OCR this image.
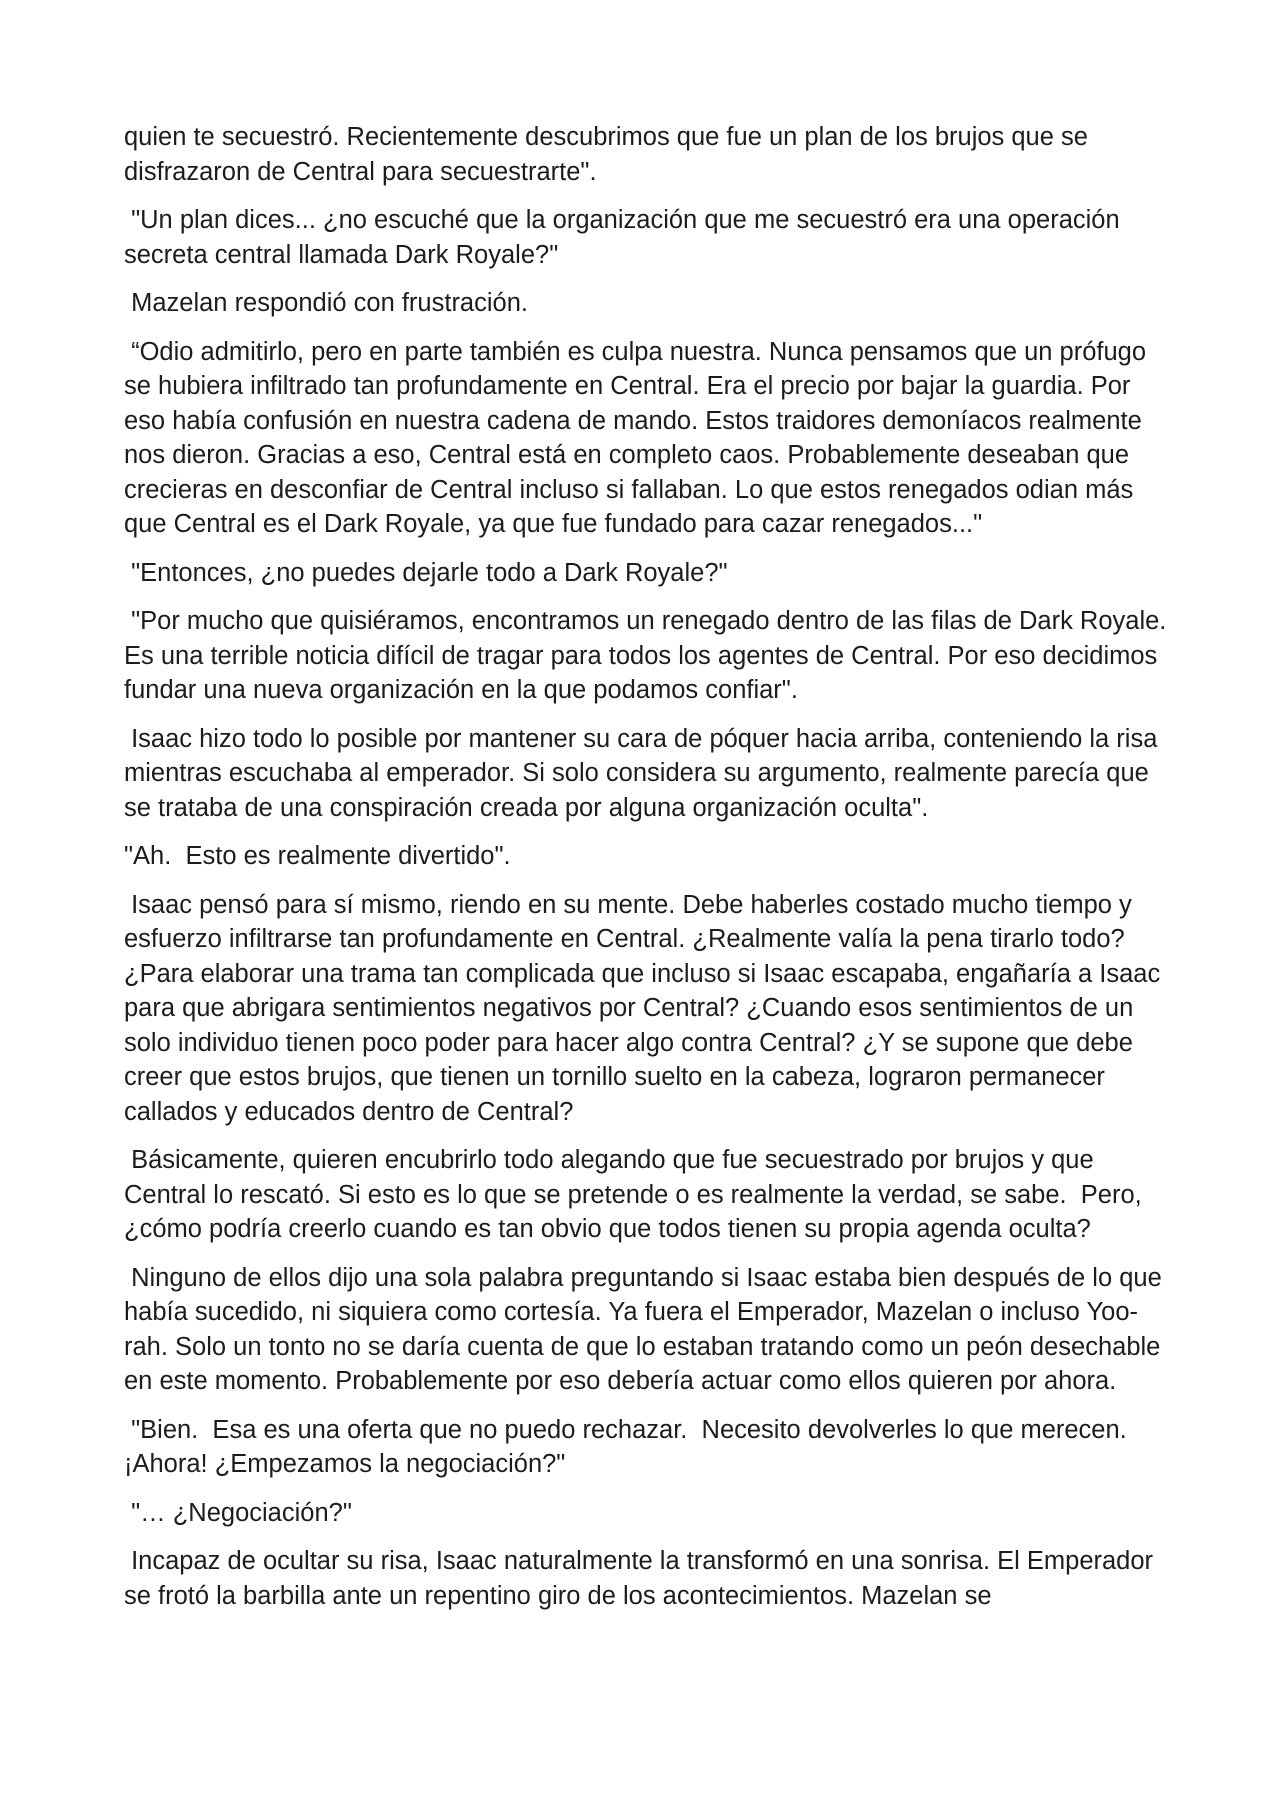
quien te secuestró. Recientemente descubrimos que fue un plan de los brujos que se disfrazaron de Central para secuestrarte".

"Un plan dices... ¿no escuché que la organización que me secuestró era una operación secreta central llamada Dark Royale?"

Mazelan respondió con frustración.

“Odio admitirlo, pero en parte también es culpa nuestra. Nunca pensamos que un prófugo se hubiera infiltrado tan profundamente en Central. Era el precio por bajar la guardia. Por eso había confusión en nuestra cadena de mando. Estos traidores demoníacos realmente nos dieron. Gracias a eso, Central está en completo caos. Probablemente deseaban que crecieras en desconfiar de Central incluso si fallaban. Lo que estos renegados odian más que Central es el Dark Royale, ya que fue fundado para cazar renegados..."

"Entonces, ¿no puedes dejarle todo a Dark Royale?"

"Por mucho que quisiéramos, encontramos un renegado dentro de las filas de Dark Royale. Es una terrible noticia difícil de tragar para todos los agentes de Central. Por eso decidimos fundar una nueva organización en la que podamos confiar".

Isaac hizo todo lo posible por mantener su cara de póquer hacia arriba, conteniendo la risa mientras escuchaba al emperador. Si solo considera su argumento, realmente parecía que se trataba de una conspiración creada por alguna organización oculta".

"Ah.  Esto es realmente divertido".

Isaac pensó para sí mismo, riendo en su mente. Debe haberles costado mucho tiempo y esfuerzo infiltrarse tan profundamente en Central. ¿Realmente valía la pena tirarlo todo? ¿Para elaborar una trama tan complicada que incluso si Isaac escapaba, engañaría a Isaac para que abrigara sentimientos negativos por Central? ¿Cuando esos sentimientos de un solo individuo tienen poco poder para hacer algo contra Central? ¿Y se supone que debe creer que estos brujos, que tienen un tornillo suelto en la cabeza, lograron permanecer callados y educados dentro de Central?

Básicamente, quieren encubrirlo todo alegando que fue secuestrado por brujos y que Central lo rescató. Si esto es lo que se pretende o es realmente la verdad, se sabe.  Pero, ¿cómo podría creerlo cuando es tan obvio que todos tienen su propia agenda oculta?

Ninguno de ellos dijo una sola palabra preguntando si Isaac estaba bien después de lo que había sucedido, ni siquiera como cortesía. Ya fuera el Emperador, Mazelan o incluso Yoo-rah. Solo un tonto no se daría cuenta de que lo estaban tratando como un peón desechable en este momento. Probablemente por eso debería actuar como ellos quieren por ahora.

"Bien.  Esa es una oferta que no puedo rechazar.  Necesito devolverles lo que merecen. ¡Ahora! ¿Empezamos la negociación?"

"… ¿Negociación?"

Incapaz de ocultar su risa, Isaac naturalmente la transformó en una sonrisa. El Emperador se frotó la barbilla ante un repentino giro de los acontecimientos. Mazelan se
